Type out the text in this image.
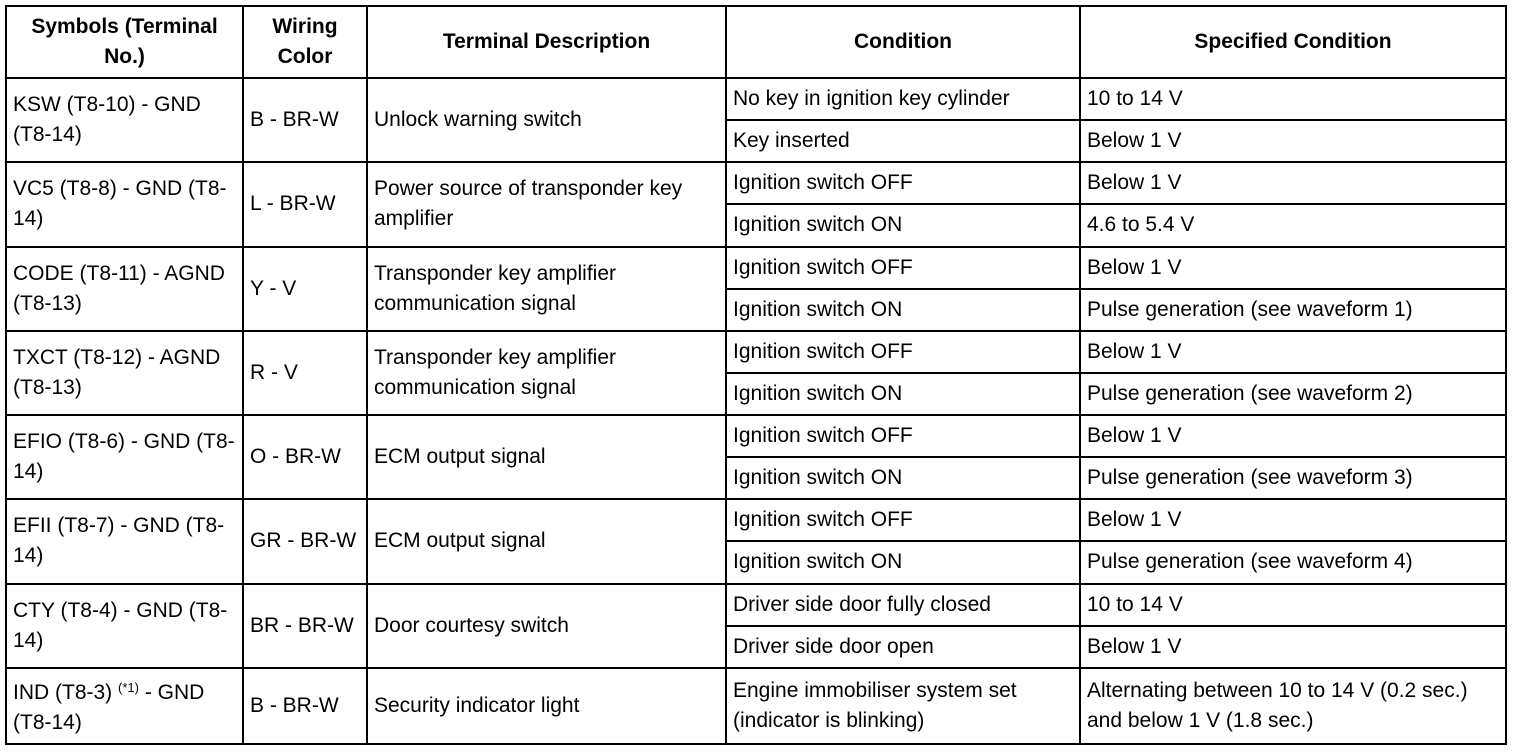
Symbols (Terminal No.)	Wiring Color	Terminal Description	Condition	Specified Condition
KSW (T8-10) - GND (T8-14)	B - BR-W	Unlock warning switch	No key in ignition key cylinder	10 to 14 V
			Key inserted	Below 1 V
VC5 (T8-8) - GND (T8-14)	L - BR-W	Power source of transponder key amplifier	Ignition switch OFF	Below 1 V
			Ignition switch ON	4.6 to 5.4 V
CODE (T8-11) - AGND (T8-13)	Y - V	Transponder key amplifier communication signal	Ignition switch OFF	Below 1 V
			Ignition switch ON	Pulse generation (see waveform 1)
TXCT (T8-12) - AGND (T8-13)	R - V	Transponder key amplifier communication signal	Ignition switch OFF	Below 1 V
			Ignition switch ON	Pulse generation (see waveform 2)
EFIO (T8-6) - GND (T8-14)	O - BR-W	ECM output signal	Ignition switch OFF	Below 1 V
			Ignition switch ON	Pulse generation (see waveform 3)
EFII (T8-7) - GND (T8-14)	GR - BR-W	ECM output signal	Ignition switch OFF	Below 1 V
			Ignition switch ON	Pulse generation (see waveform 4)
CTY (T8-4) - GND (T8-14)	BR - BR-W	Door courtesy switch	Driver side door fully closed	10 to 14 V
			Driver side door open	Below 1 V
IND (T8-3) $^{(*1)}$ - GND (T8-14)	B - BR-W	Security indicator light	Engine immobiliser system set (indicator is blinking)	Alternating between 10 to 14 V (0.2 sec.) and below 1 V (1.8 sec.)
